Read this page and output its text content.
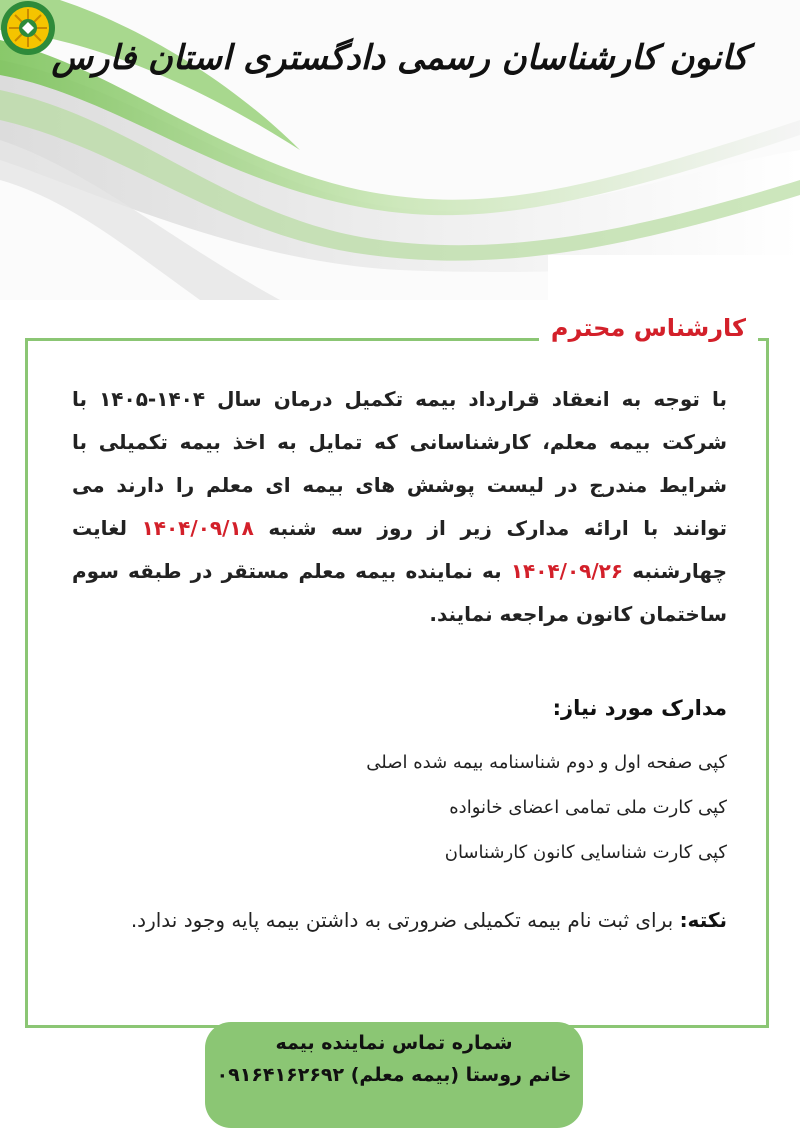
کانون کارشناسان رسمی دادگستری استان فارس
کارشناس محترم

با توجه به انعقاد قرارداد بیمه تکمیل درمان سال ۱۴۰۴-۱۴۰۵ با شرکت بیمه معلم، کارشناسانی که تمایل به اخذ بیمه تکمیلی با شرایط مندرج در لیست پوشش های بیمه ای معلم را دارند می توانند با ارائه مدارک زیر از روز سه شنبه ۱۴۰۴/۰۹/۱۸ لغایت چهارشنبه ۱۴۰۴/۰۹/۲۶ به نماینده بیمه معلم مستقر در طبقه سوم ساختمان کانون مراجعه نمایند.

مدارک مورد نیاز:
کپی صفحه اول و دوم شناسنامه بیمه شده اصلی
کپی کارت ملی تمامی اعضای خانواده
کپی کارت شناسایی کانون کارشناسان

نکته: برای ثبت نام بیمه تکمیلی ضرورتی به داشتن بیمه پایه وجود ندارد.

شماره تماس نماینده بیمه
خانم روستا (بیمه معلم) ۰۹۱۶۴۱۶۲۶۹۲
